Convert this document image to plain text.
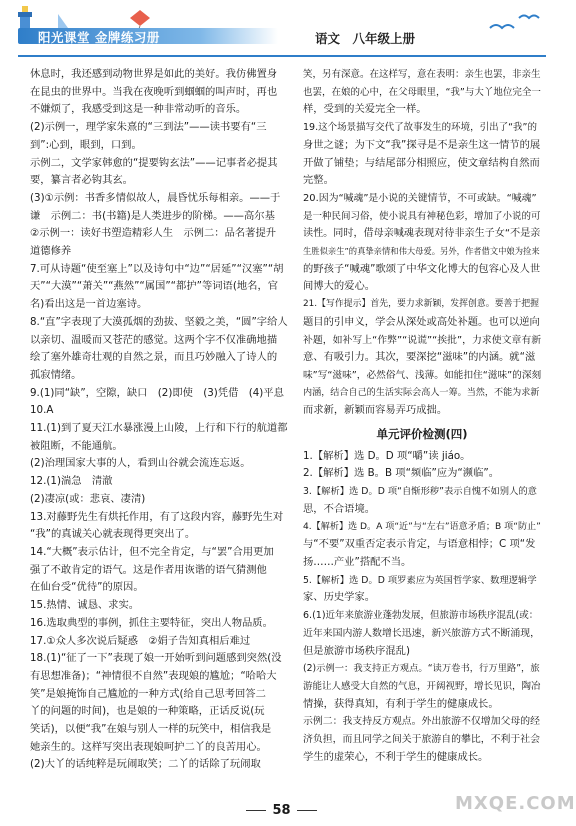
阳光课堂 金牌练习册	语文　八年级上册

休息时，我还感到动物世界是如此的美好。我仿佛置身

在昆虫的世界中。当我在夜晚听到蝈蝈的叫声时，再也

不嫌烦了，我感受到这是一种非常动听的音乐。

(2)示例一，理学家朱熹的“三到法”——读书要有“三

到”:心到，眼到，口到。

示例二，文学家韩愈的“提要钩玄法”——记事者必提其

要，纂言者必钩其玄。

(3)①示例：书香多情似故人，晨昏忧乐每相亲。——于

谦　示例二：书(书籍)是人类进步的阶梯。——高尔基

②示例一：读好书塑造精彩人生　示例二：品名著提升

道德修养

7.可从诗题“使至塞上”以及诗句中“边”“居延”“汉塞”“胡

天”“大漠”“萧关”“燕然”“属国”“都护”等词语(地名，官

名)看出这是一首边塞诗。

8.“直”字表现了大漠孤烟的劲拔、坚毅之美，“圆”字给人

以亲切、温暖而又苍茫的感觉。这两个字不仅准确地描

绘了塞外雄奇壮观的自然之景，而且巧妙融入了诗人的

孤寂情绪。

9.(1)同“缺”，空隙，缺口　(2)即使　(3)凭借　(4)平息

10.A

11.(1)到了夏天江水暴涨漫上山陵，上行和下行的航道都

被阻断，不能通航。

(2)治理国家大事的人，看到山谷就会流连忘返。

12.(1)湍急　清澈

(2)凄凉(或：悲哀、凄清)

13.对藤野先生有烘托作用，有了这段内容，藤野先生对

“我”的真诚关心就表现得更突出了。

14.“大概”表示估计，但不完全肯定，与“罢”合用更加

强了不敢肯定的语气。这是作者用诙谐的语气猜测他

在仙台受“优待”的原因。

15.热情、诚恳、求实。

16.选取典型的事例，抓住主要特征，突出人物品质。

17.①众人多次说后疑惑　②娟子告知真相后难过

18.(1)“征了一下”表现了娘一开始听到问题感到突然(没

有思想准备)；“神情很不自然”表现娘的尴尬；“哈哈大

笑”是娘掩饰自己尴尬的一种方式(给自己思考回答二

丫的问题的时间)，也是娘的一种策略，正话反说(玩

笑话)，以便“我”在娘与别人一样的玩笑中，相信我是

她亲生的。这样写突出表现娘呵护二丫的良苦用心。

(2)大丫的话纯粹是玩闹取笑；二丫的话除了玩闹取

笑，另有深意。在这样写，意在表明：亲生也罢，非亲生

也罢，在娘的心中，在父母眼里，“我”与大丫地位完全一

样，受到的关爱完全一样。

19.这个场景描写交代了故事发生的环境，引出了“我”的

身世之谜；为下文“我”探寻是不是亲生这一情节的展

开做了铺垫；与结尾部分相照应，使文章结构自然而

完整。

20.因为“喊魂”是小说的关键情节，不可或缺。“喊魂”

是一种民间习俗，使小说具有神秘色彩，增加了小说的可

读性。同时，借母亲喊魂表现对待非亲生子女“不是亲

生胜似亲生”的真挚亲情和伟大母爱。另外，作者借文中娘为捡来

的野孩子“喊魂”歌颂了中华文化博大的包容心及人世

间博大的爱心。

21.【写作提示】首先，要力求新颖，发挥创意。要善于把握

题目的引申义，学会从深处或高处补题。也可以逆向

补题，如补写上“作弊”“说谎”“挨批”，力求使文章有新

意、有吸引力。其次，要深挖“滋味”的内涵。就“滋

味”写“滋味”，必然俗气、浅薄。如能扣住“滋味”的深刻

内涵，结合自己的生活实际会高人一筹。当然，不能为求新

而求新，新颖而容易弄巧成拙。

单元评价检测(四)

1.【解析】选 D。D 项“嚼”读 jiáo。

2.【解析】选 B。B 项“频临”应为“濒临”。

3.【解析】选 D。D 项“自惭形秽”表示自愧不如别人的意

思，不合语境。

4.【解析】选 D。A 项“近”与“左右”语意矛盾；B 项“防止”

与“不要”双重否定表示肯定，与语意相悖；C 项“发

扬……产业”搭配不当。

5.【解析】选 D。D 项罗素应为英国哲学家、数理逻辑学

家、历史学家。

6.(1)近年来旅游业蓬勃发展，但旅游市场秩序混乱(或：

近年来国内游人数增长迅速，新兴旅游方式不断涌现，

但是旅游市场秩序混乱)

(2)示例一：我支持正方观点。“读万卷书，行万里路”，旅

游能让人感受大自然的气息，开阔视野，增长见识，陶冶

情操，获得真知，有利于学生的健康成长。

示例二：我支持反方观点。外出旅游不仅增加父母的经

济负担，而且同学之间关于旅游自的攀比，不利于社会

学生的虚荣心，不利于学生的健康成长。

58	MXQE.COM
